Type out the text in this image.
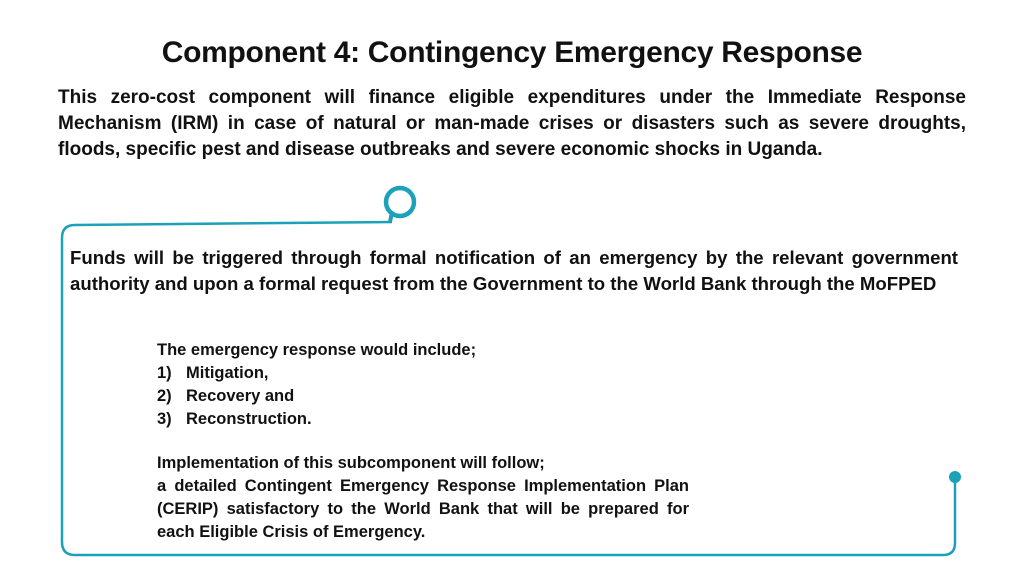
Component 4: Contingency Emergency Response
This zero-cost component will finance eligible expenditures under the Immediate Response Mechanism (IRM) in case of natural or man-made crises or disasters such as severe droughts, floods, specific pest and disease outbreaks and severe economic shocks in Uganda.
Funds will be triggered through formal notification of an emergency by the relevant government authority and upon a formal request from the Government to the World Bank through the MoFPED
The emergency response would include;
1) Mitigation,
2) Recovery and
3) Reconstruction.
Implementation of this subcomponent will follow;
a detailed Contingent Emergency Response Implementation Plan (CERIP) satisfactory to the World Bank that will be prepared for each Eligible Crisis of Emergency.
